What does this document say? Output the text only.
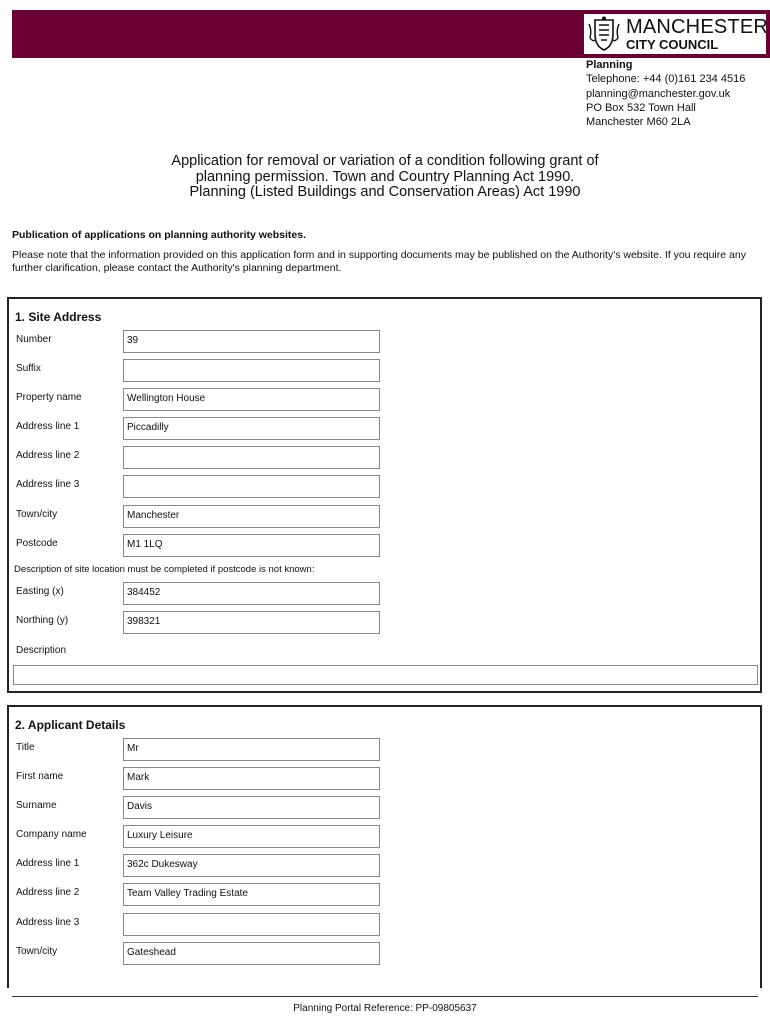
MANCHESTER
CITY COUNCIL
Planning
Telephone: +44 (0)161 234 4516
planning@manchester.gov.uk
PO Box 532 Town Hall
Manchester M60 2LA
Application for removal or variation of a condition following grant of
planning permission. Town and Country Planning Act 1990.
Planning (Listed Buildings and Conservation Areas) Act 1990
Publication of applications on planning authority websites.
Please note that the information provided on this application form and in supporting documents may be published on the Authority's website. If you require any further clarification, please contact the Authority's planning department.
1. Site Address
Number	39
Suffix
Property name	Wellington House
Address line 1	Piccadilly
Address line 2
Address line 3
Town/city	Manchester
Postcode	M1 1LQ
Description of site location must be completed if postcode is not known:
Easting (x)	384452
Northing (y)	398321
Description
2. Applicant Details
Title	Mr
First name	Mark
Surname	Davis
Company name	Luxury Leisure
Address line 1	362c Dukesway
Address line 2	Team Valley Trading Estate
Address line 3
Town/city	Gateshead
Planning Portal Reference: PP-09805637
